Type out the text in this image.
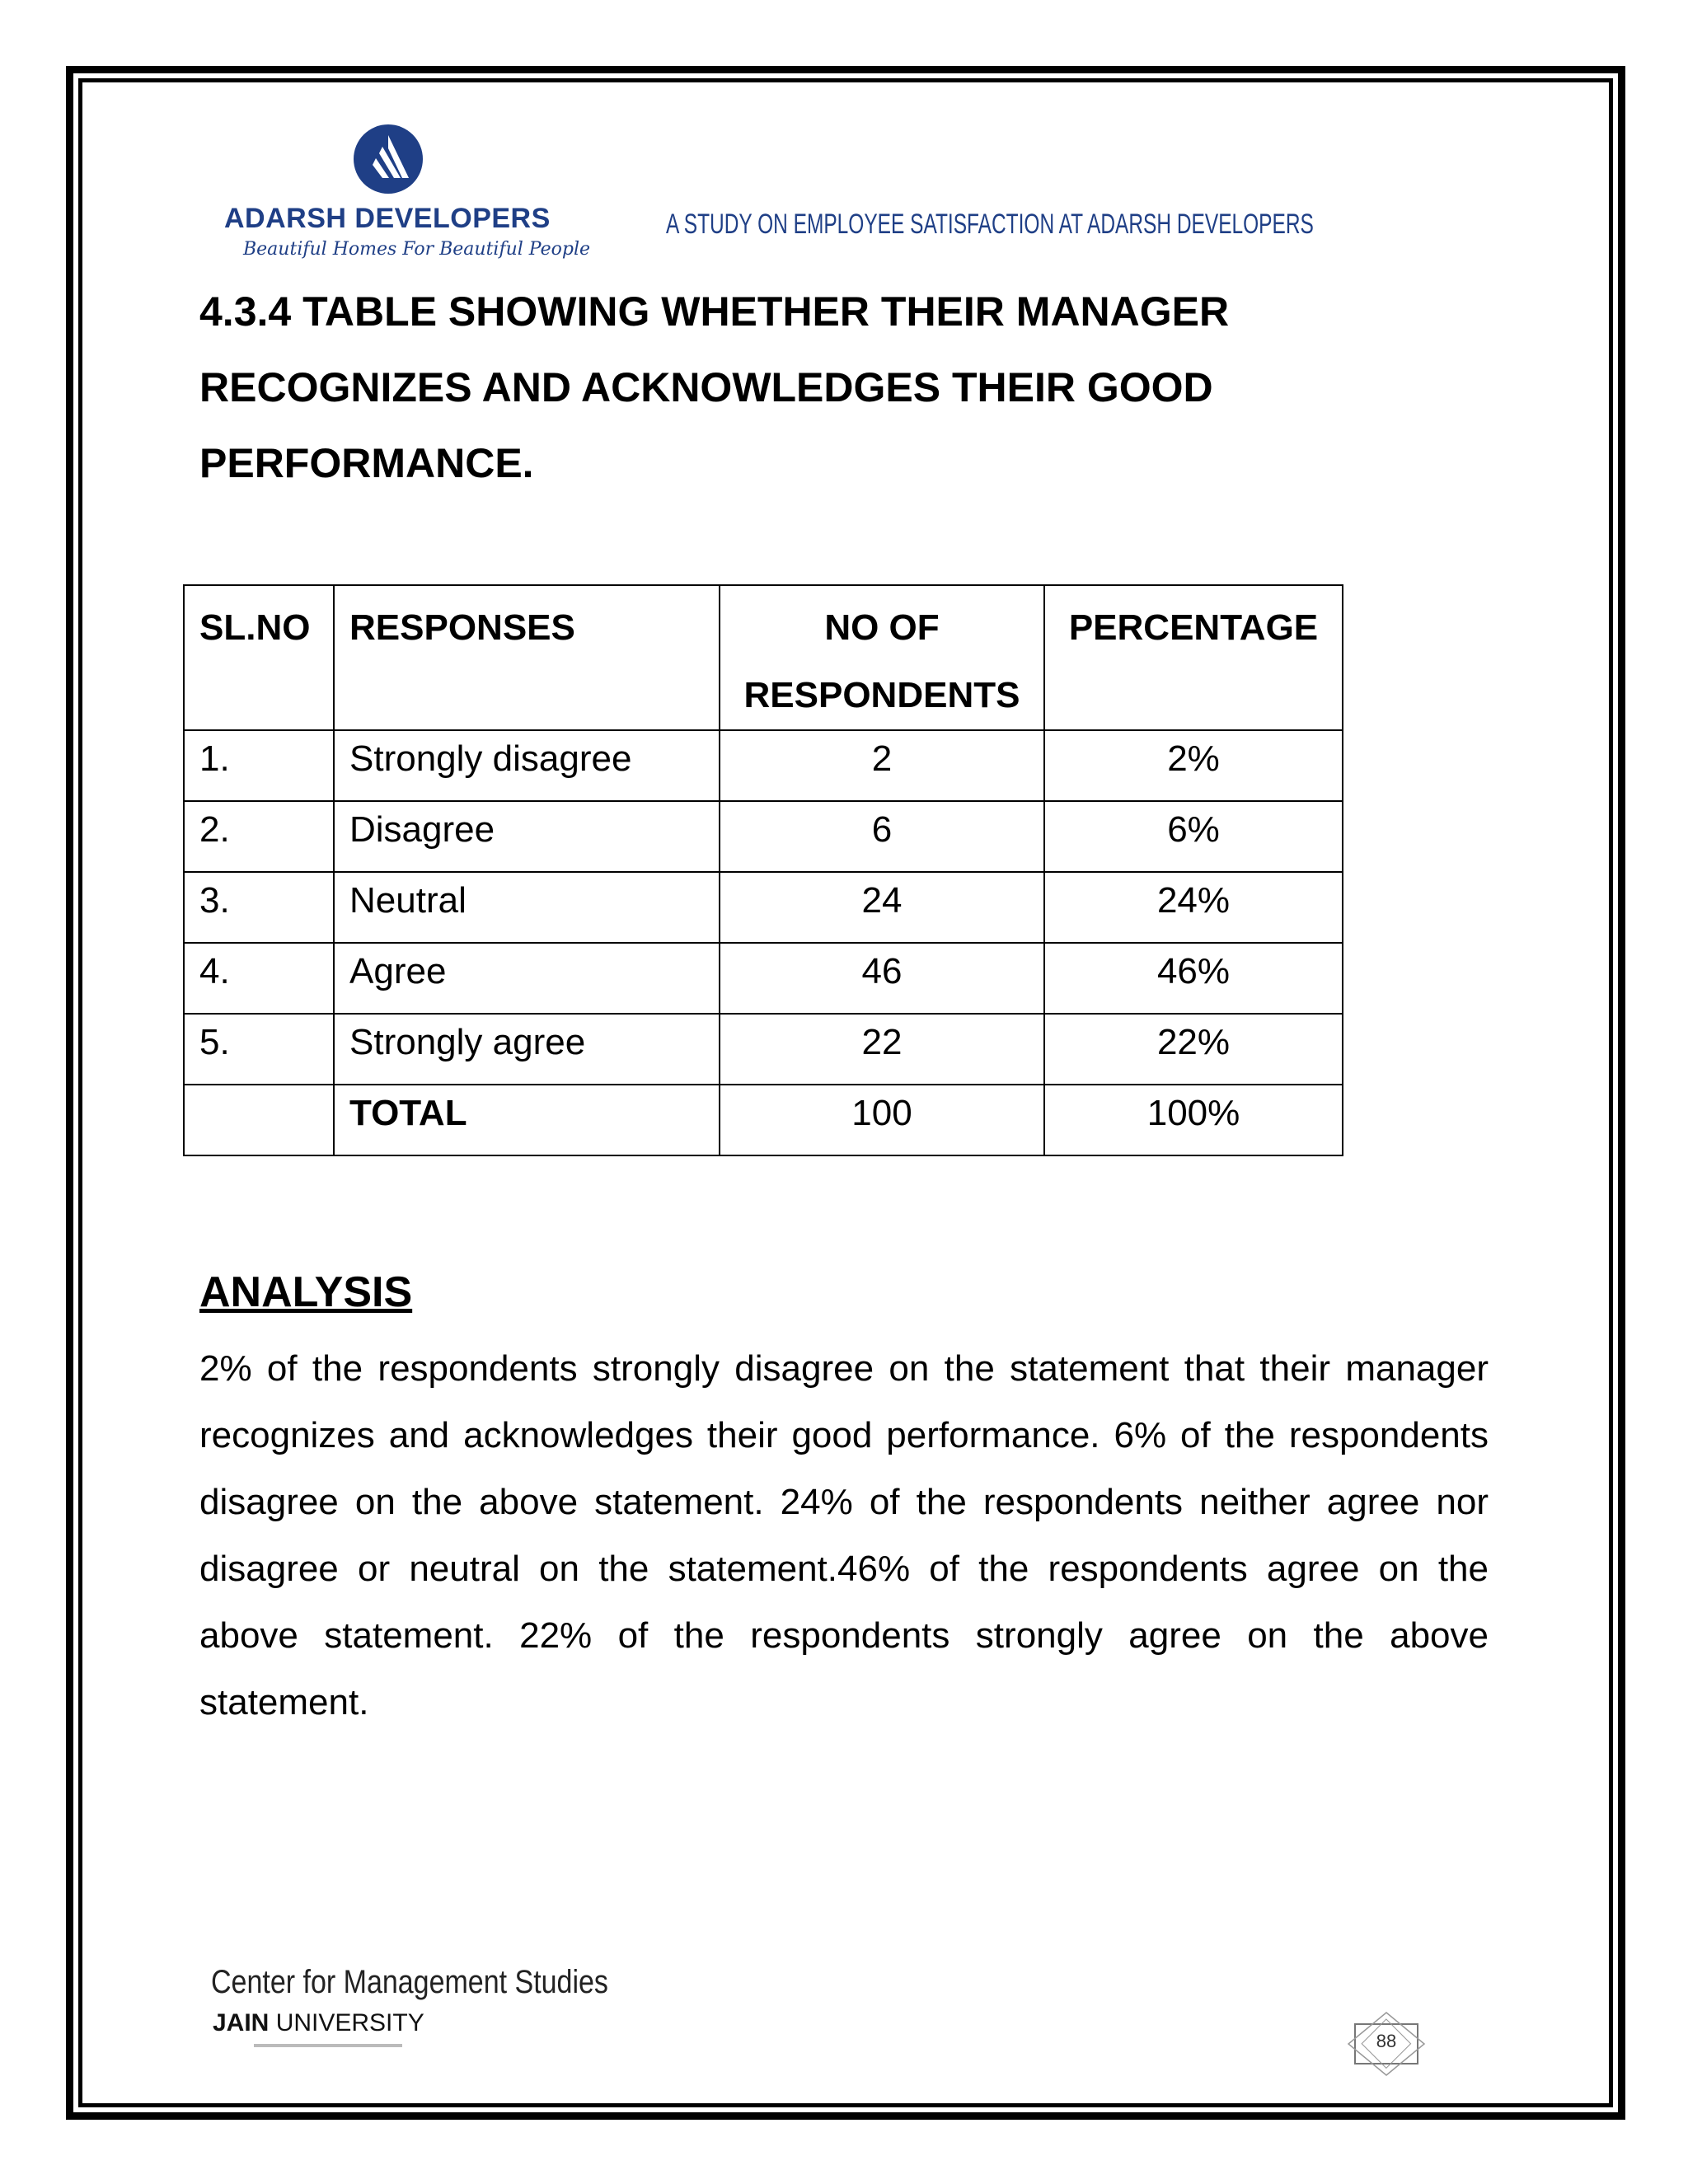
ADARSH DEVELOPERS
Beautiful Homes For Beautiful People
A STUDY ON EMPLOYEE SATISFACTION AT ADARSH DEVELOPERS
4.3.4 TABLE SHOWING WHETHER THEIR MANAGER RECOGNIZES AND ACKNOWLEDGES THEIR GOOD PERFORMANCE.
SL.NO	RESPONSES	NO OF RESPONDENTS	PERCENTAGE
1.	Strongly disagree	2	2%
2.	Disagree	6	6%
3.	Neutral	24	24%
4.	Agree	46	46%
5.	Strongly agree	22	22%
	TOTAL	100	100%
ANALYSIS

2% of the respondents strongly disagree on the statement that their manager recognizes and acknowledges their good performance. 6% of the respondents disagree on the above statement. 24% of the respondents neither agree nor disagree or neutral on the statement.46% of the respondents agree on the above statement. 22% of the respondents strongly agree on the above statement.

Center for Management Studies
JAIN UNIVERSITY
88
